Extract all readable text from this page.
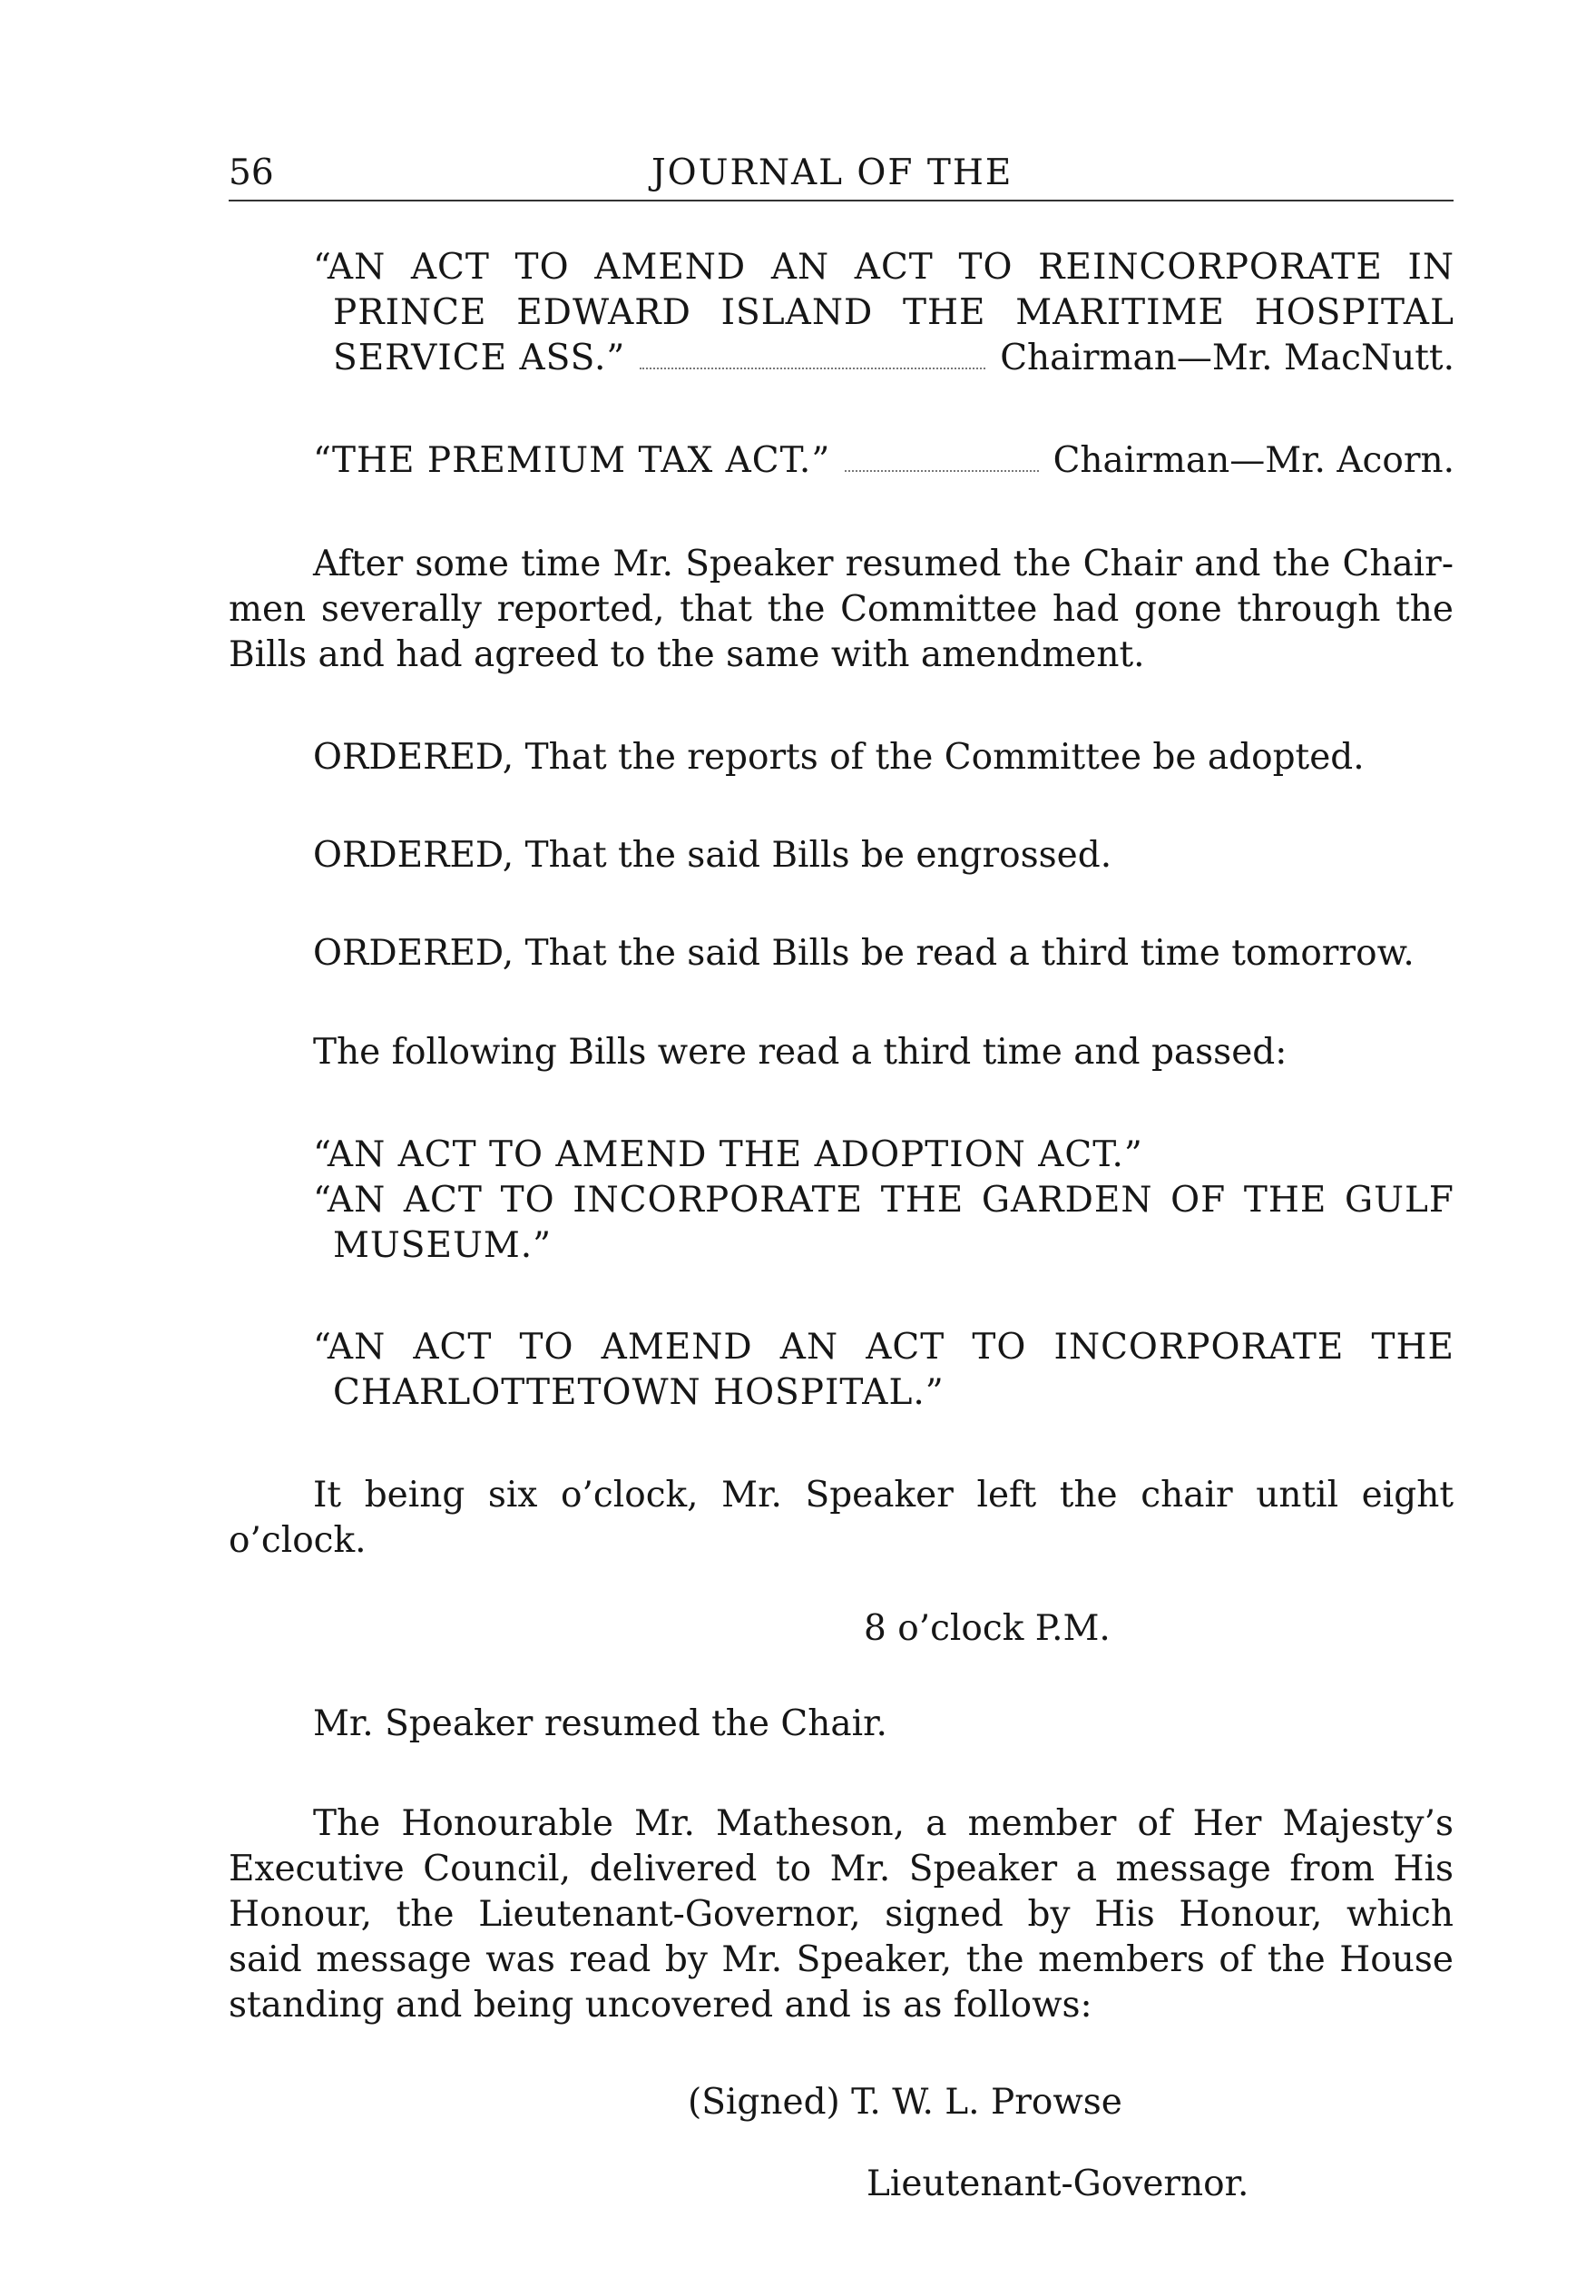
56	JOURNAL OF THE
“AN ACT TO AMEND AN ACT TO REINCORPORATE IN
PRINCE EDWARD ISLAND THE MARITIME HOSPITAL
SERVICE ASS.”	Chairman—Mr. MacNutt.
“THE PREMIUM TAX ACT.”	Chairman—Mr. Acorn.
After some time Mr. Speaker resumed the Chair and the Chair-
men severally reported, that the Committee had gone through the
Bills and had agreed to the same with amendment.
ORDERED, That the reports of the Committee be adopted.
ORDERED, That the said Bills be engrossed.
ORDERED, That the said Bills be read a third time tomorrow.
The following Bills were read a third time and passed:
“AN ACT TO AMEND THE ADOPTION ACT.”
“AN ACT TO INCORPORATE THE GARDEN OF THE GULF
MUSEUM.”
“AN ACT TO AMEND AN ACT TO INCORPORATE THE
CHARLOTTETOWN HOSPITAL.”
It being six o’clock, Mr. Speaker left the chair until eight
o’clock.
8 o’clock P.M.
Mr. Speaker resumed the Chair.
The Honourable Mr. Matheson, a member of Her Majesty’s
Executive Council, delivered to Mr. Speaker a message from His
Honour, the Lieutenant-Governor, signed by His Honour, which
said message was read by Mr. Speaker, the members of the House
standing and being uncovered and is as follows:
(Signed) T. W. L. Prowse
Lieutenant-Governor.
